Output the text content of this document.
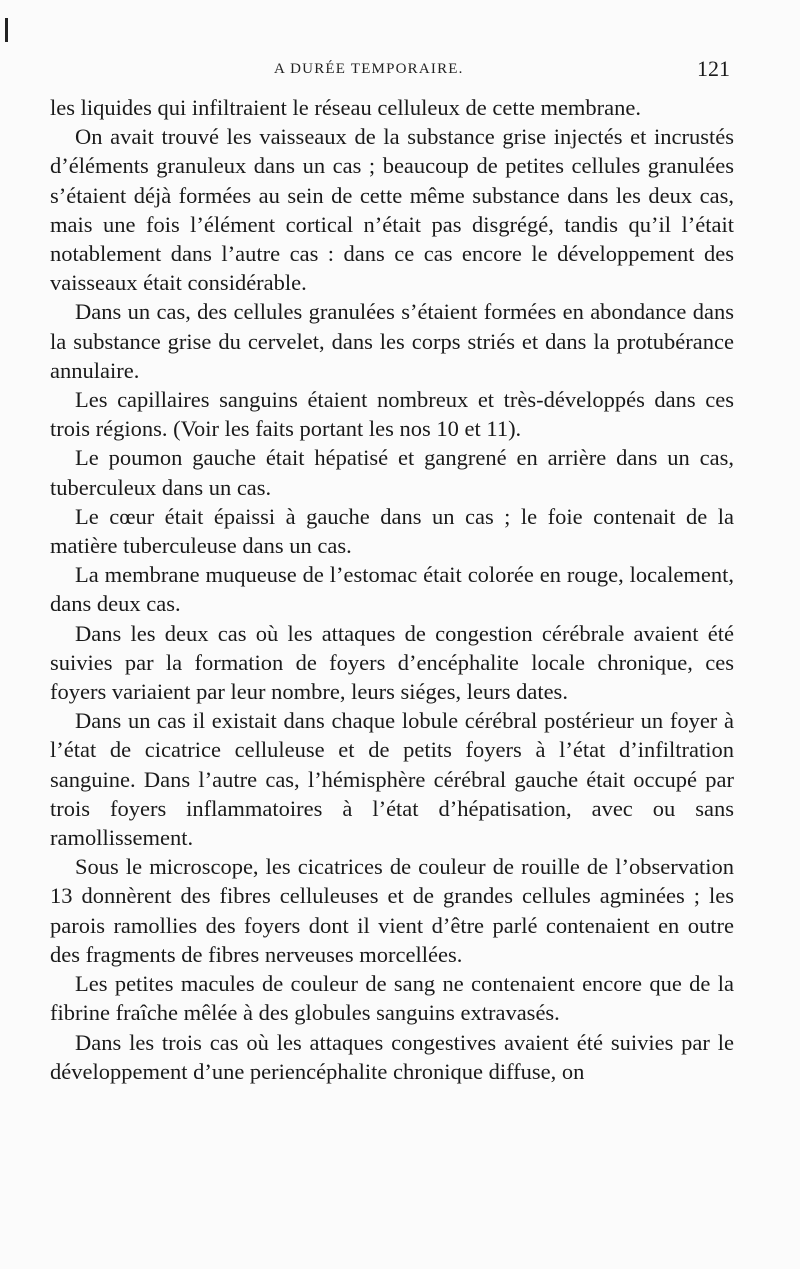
A DURÉE TEMPORAIRE.	121

les liquides qui infiltraient le réseau celluleux de cette membrane.

On avait trouvé les vaisseaux de la substance grise injectés et incrustés d’éléments granuleux dans un cas ; beaucoup de petites cellules granulées s’étaient déjà formées au sein de cette même substance dans les deux cas, mais une fois l’élément cortical n’était pas disgrégé, tandis qu’il l’était notablement dans l’autre cas : dans ce cas encore le développement des vaisseaux était considérable.

Dans un cas, des cellules granulées s’étaient formées en abondance dans la substance grise du cervelet, dans les corps striés et dans la protubérance annulaire.

Les capillaires sanguins étaient nombreux et très-développés dans ces trois régions. (Voir les faits portant les nos 10 et 11).

Le poumon gauche était hépatisé et gangrené en arrière dans un cas, tuberculeux dans un cas.

Le cœur était épaissi à gauche dans un cas ; le foie contenait de la matière tuberculeuse dans un cas.

La membrane muqueuse de l’estomac était colorée en rouge, localement, dans deux cas.

Dans les deux cas où les attaques de congestion cérébrale avaient été suivies par la formation de foyers d’encéphalite locale chronique, ces foyers variaient par leur nombre, leurs siéges, leurs dates.

Dans un cas il existait dans chaque lobule cérébral postérieur un foyer à l’état de cicatrice celluleuse et de petits foyers à l’état d’infiltration sanguine. Dans l’autre cas, l’hémisphère cérébral gauche était occupé par trois foyers inflammatoires à l’état d’hépatisation, avec ou sans ramollissement.

Sous le microscope, les cicatrices de couleur de rouille de l’observation 13 donnèrent des fibres celluleuses et de grandes cellules agminées ; les parois ramollies des foyers dont il vient d’être parlé contenaient en outre des fragments de fibres nerveuses morcellées.

Les petites macules de couleur de sang ne contenaient encore que de la fibrine fraîche mêlée à des globules sanguins extravasés.

Dans les trois cas où les attaques congestives avaient été suivies par le développement d’une periencéphalite chronique diffuse, on
